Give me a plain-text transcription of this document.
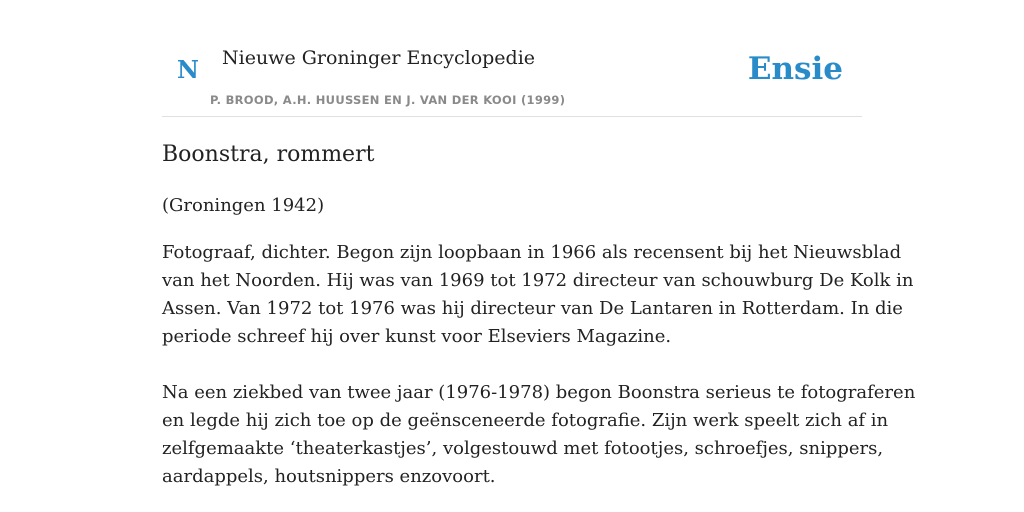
N Nieuwe Groninger Encyclopedie
P. BROOD, A.H. HUUSSEN EN J. VAN DER KOOI (1999)
Ensie
Boonstra, rommert
(Groningen 1942)

Fotograaf, dichter. Begon zijn loopbaan in 1966 als recensent bij het Nieuwsblad
van het Noorden. Hij was van 1969 tot 1972 directeur van schouwburg De Kolk in
Assen. Van 1972 tot 1976 was hij directeur van De Lantaren in Rotterdam. In die
periode schreef hij over kunst voor Elseviers Magazine.

Na een ziekbed van twee jaar (1976-1978) begon Boonstra serieus te fotograferen
en legde hij zich toe op de geënsceneerde fotografie. Zijn werk speelt zich af in
zelfgemaakte ‘theaterkastjes’, volgestouwd met fotootjes, schroefjes, snippers,
aardappels, houtsnippers enzovoort.
